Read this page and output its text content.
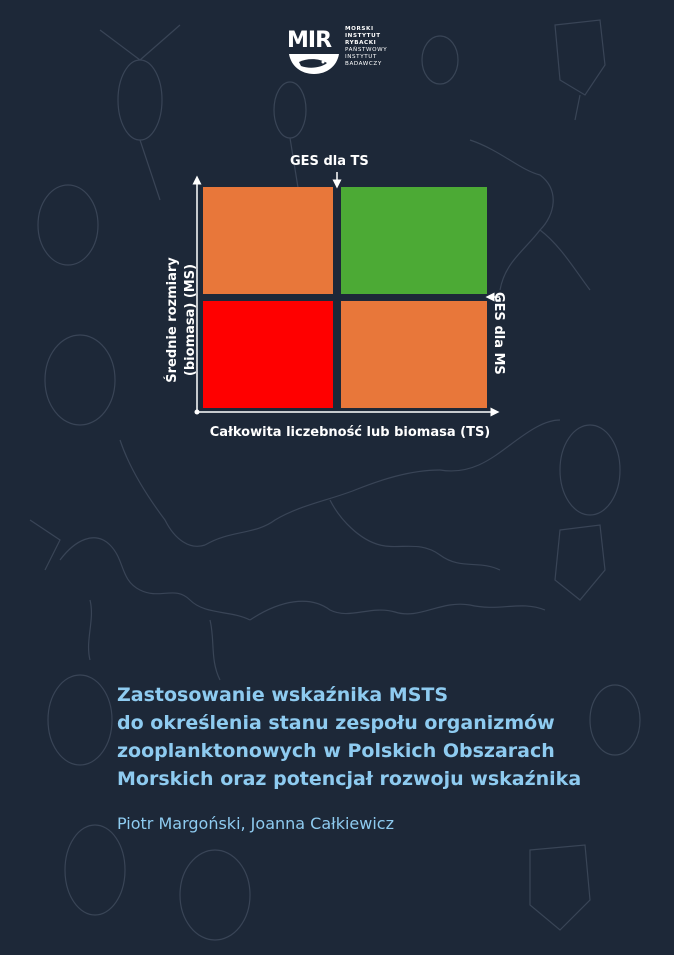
MIR MORSKI
INSTYTUT
RYBACKI
PAŃSTWOWY
INSTYTUT
BADAWCZY
GES dla TS
GES dla MS
Średnie rozmiary (biomasa) (MS)
Całkowita liczebność lub biomasa (TS)
Zastosowanie wskaźnika MSTS
do określenia stanu zespołu organizmów
zooplanktonowych w Polskich Obszarach
Morskich oraz potencjał rozwoju wskaźnika
Piotr Margoński, Joanna Całkiewicz
